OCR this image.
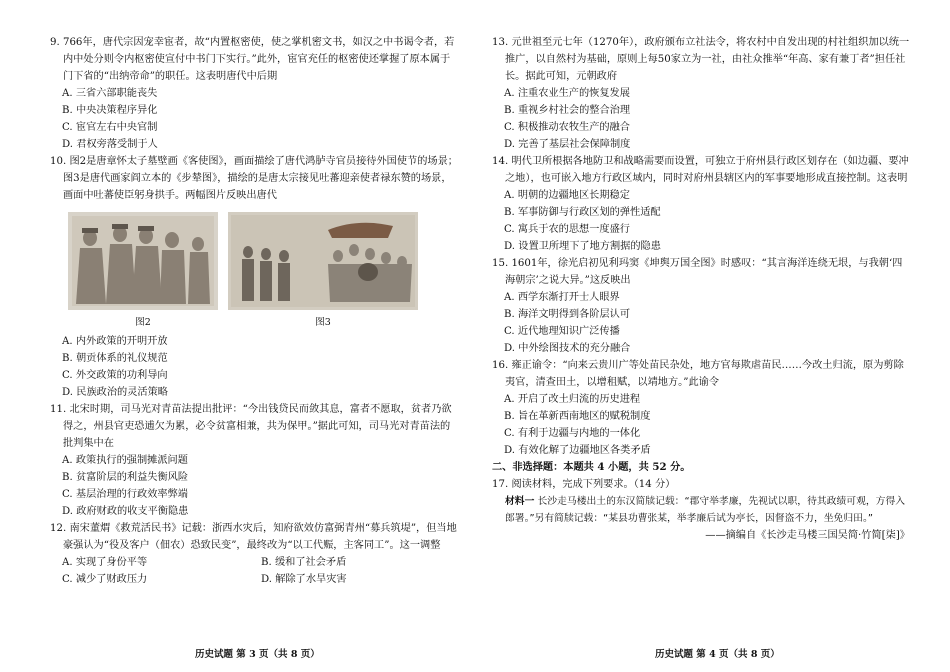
9. 766年，唐代宗因宠幸宦者，故“内置枢密使，使之掌机密文书，如汉之中书谒令者，若内中处分则令内枢密使宣付中书门下实行。”此外，宦官充任的枢密使还掌握了原本属于门下省的“出纳帝命”的职任。这表明唐代中后期

A. 三省六部职能丧失
B. 中央决策程序异化
C. 宦官左右中央官制
D. 君权旁落受制于人

10. 图2是唐章怀太子墓壁画《客使图》，画面描绘了唐代鸿胪寺官员接待外国使节的场景；图3是唐代画家阎立本的《步辇图》，描绘的是唐太宗接见吐蕃迎亲使者禄东赞的场景，画面中吐蕃使臣躬身拱手。两幅图片反映出唐代

图2	图3
A. 内外政策的开明开放
B. 朝贡体系的礼仪规范
C. 外交政策的功利导向
D. 民族政治的灵活策略

11. 北宋时期，司马光对青苗法提出批评：“今出钱贷民而敛其息，富者不愿取，贫者乃欲得之，州县官吏恐逋欠为累，必令贫富相兼，共为保甲。”据此可知，司马光对青苗法的批判集中在

A. 政策执行的强制摊派问题
B. 贫富阶层的利益失衡风险
C. 基层治理的行政效率弊端
D. 政府财政的收支平衡隐患

12. 南宋董煟《救荒活民书》记载：浙西水灾后，知府欲效仿富弼青州“募兵筑堤”，但当地豪强认为“役及客户（佃农）恐致民变”，最终改为“以工代赈，主客同工”。这一调整

A. 实现了身份平等	B. 缓和了社会矛盾
C. 减少了财政压力	D. 解除了水旱灾害

13. 元世祖至元七年（1270年），政府颁布立社法令，将农村中自发出现的村社组织加以统一推广，以自然村为基础，原则上每50家立为一社，由社众推举“年高、家有兼丁者”担任社长。据此可知，元朝政府

A. 注重农业生产的恢复发展
B. 重视乡村社会的整合治理
C. 积极推动农牧生产的融合
D. 完善了基层社会保障制度

14. 明代卫所根据各地防卫和战略需要而设置，可独立于府州县行政区划存在（如边疆、要冲之地），也可嵌入地方行政区域内，同时对府州县辖区内的军事要地形成直接控制。这表明

A. 明朝的边疆地区长期稳定
B. 军事防御与行政区划的弹性适配
C. 寓兵于农的思想一度盛行
D. 设置卫所埋下了地方割据的隐患

15. 1601年，徐光启初见利玛窦《坤舆万国全图》时感叹：“其言海洋连绕无垠，与我朝‘四海朝宗’之说大异。”这反映出

A. 西学东渐打开士人眼界
B. 海洋文明得到各阶层认可
C. 近代地理知识广泛传播
D. 中外绘图技术的充分融合

16. 雍正谕令：“向来云贵川广等处苗民杂处，地方官每欺虐苗民……今改土归流，原为剪除夷官，清查田土，以增租赋，以靖地方。”此谕令

A. 开启了改土归流的历史进程
B. 旨在革新西南地区的赋税制度
C. 有利于边疆与内地的一体化
D. 有效化解了边疆地区各类矛盾
二、非选择题：本题共 4 小题，共 52 分。

17. 阅读材料，完成下列要求。（14 分）

材料一 长沙走马楼出土的东汉简牍记载：“郡守举孝廉，先视试以职，待其政绩可观，方得入郎署。”另有简牍记载：“某县功曹张某，举孝廉后试为亭长，因督盗不力，坐免归田。”
——摘编自《长沙走马楼三国吴简·竹简[柒]》
历史试题 第 3 页（共 8 页）	历史试题 第 4 页（共 8 页）
